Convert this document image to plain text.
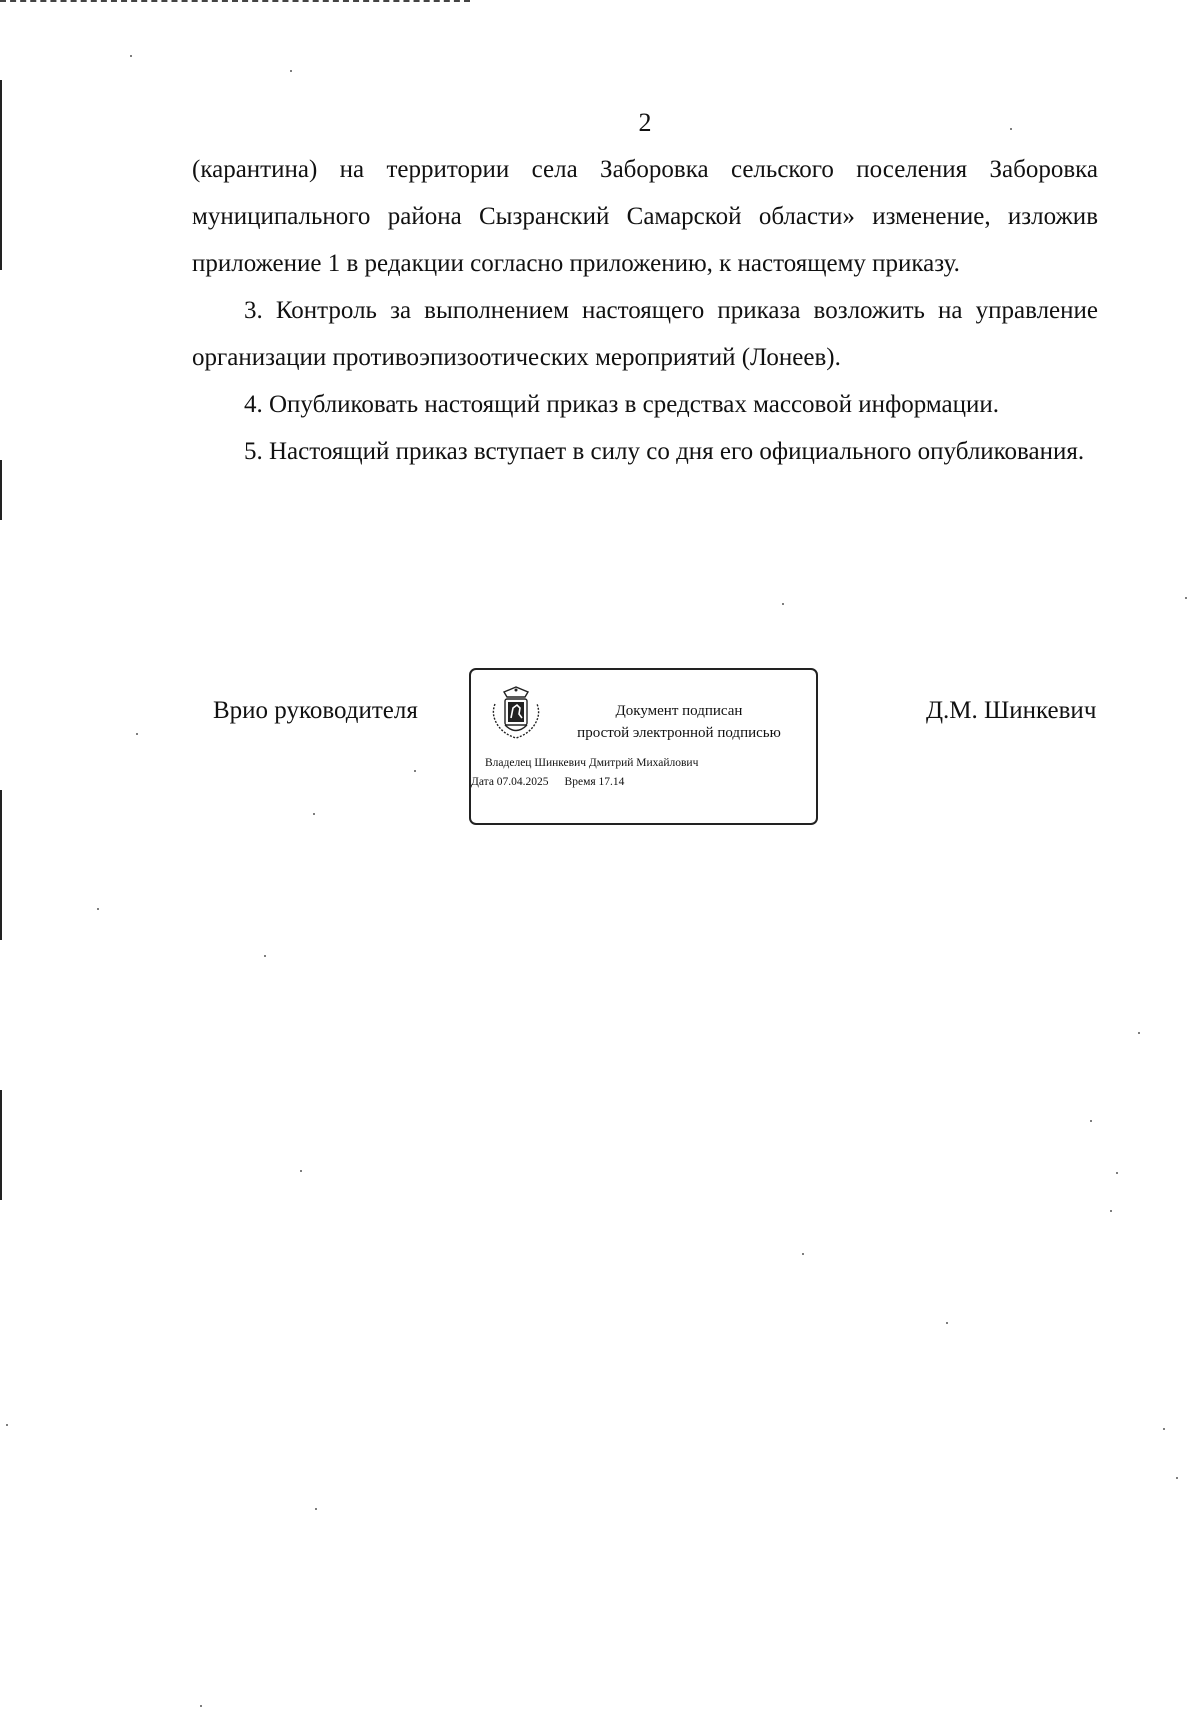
2

(карантина) на территории села Заборовка сельского поселения Заборовка муниципального района Сызранский Самарской области» изменение, изложив приложение 1 в редакции согласно приложению, к настоящему приказу.

3. Контроль за выполнением настоящего приказа возложить на управление организации противоэпизоотических мероприятий (Лонеев).

4. Опубликовать настоящий приказ в средствах массовой информации.

5. Настоящий приказ вступает в силу со дня его официального опубликования.

Врио руководителя	Документ подписан
простой электронной подписью
Владелец Шинкевич Дмитрий Михайлович
Дата 07.04.2025 Время 17.14
Д.М. Шинкевич
